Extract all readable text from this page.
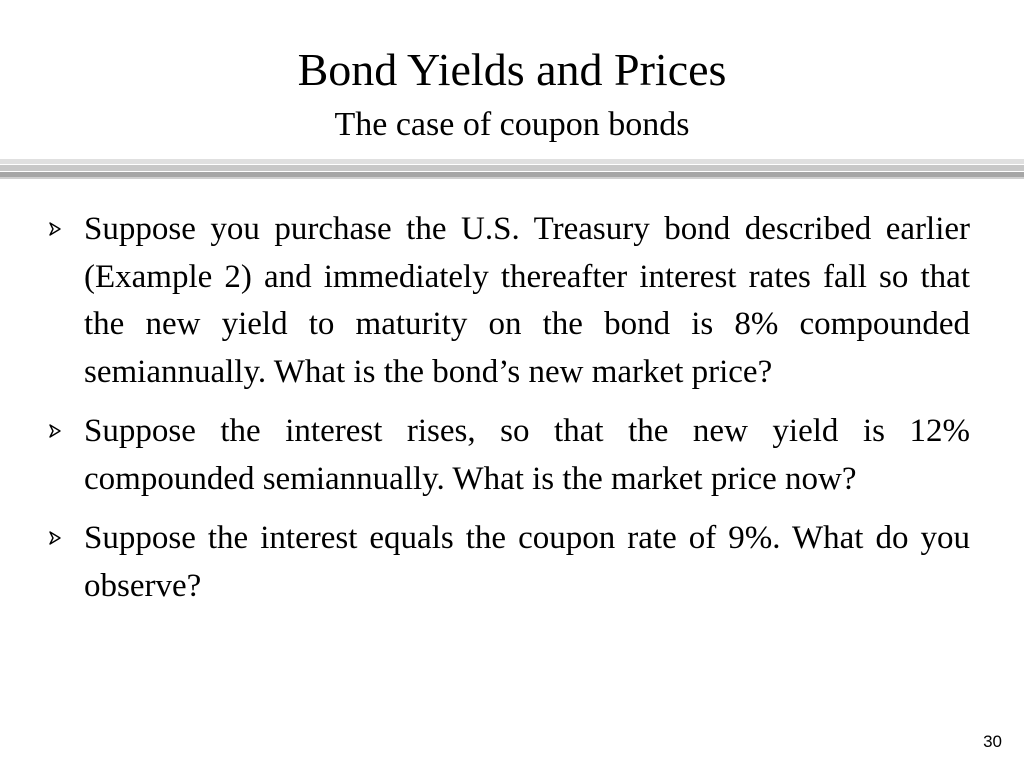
Bond Yields and Prices
The case of coupon bonds
Suppose you purchase the U.S. Treasury bond described earlier (Example 2) and immediately thereafter interest rates fall so that the new yield to maturity on the bond is 8% compounded semiannually. What is the bond’s new market price?
Suppose the interest rises, so that the new yield is 12% compounded semiannually. What is the market price now?
Suppose the interest equals the coupon rate of 9%. What do you observe?
30
